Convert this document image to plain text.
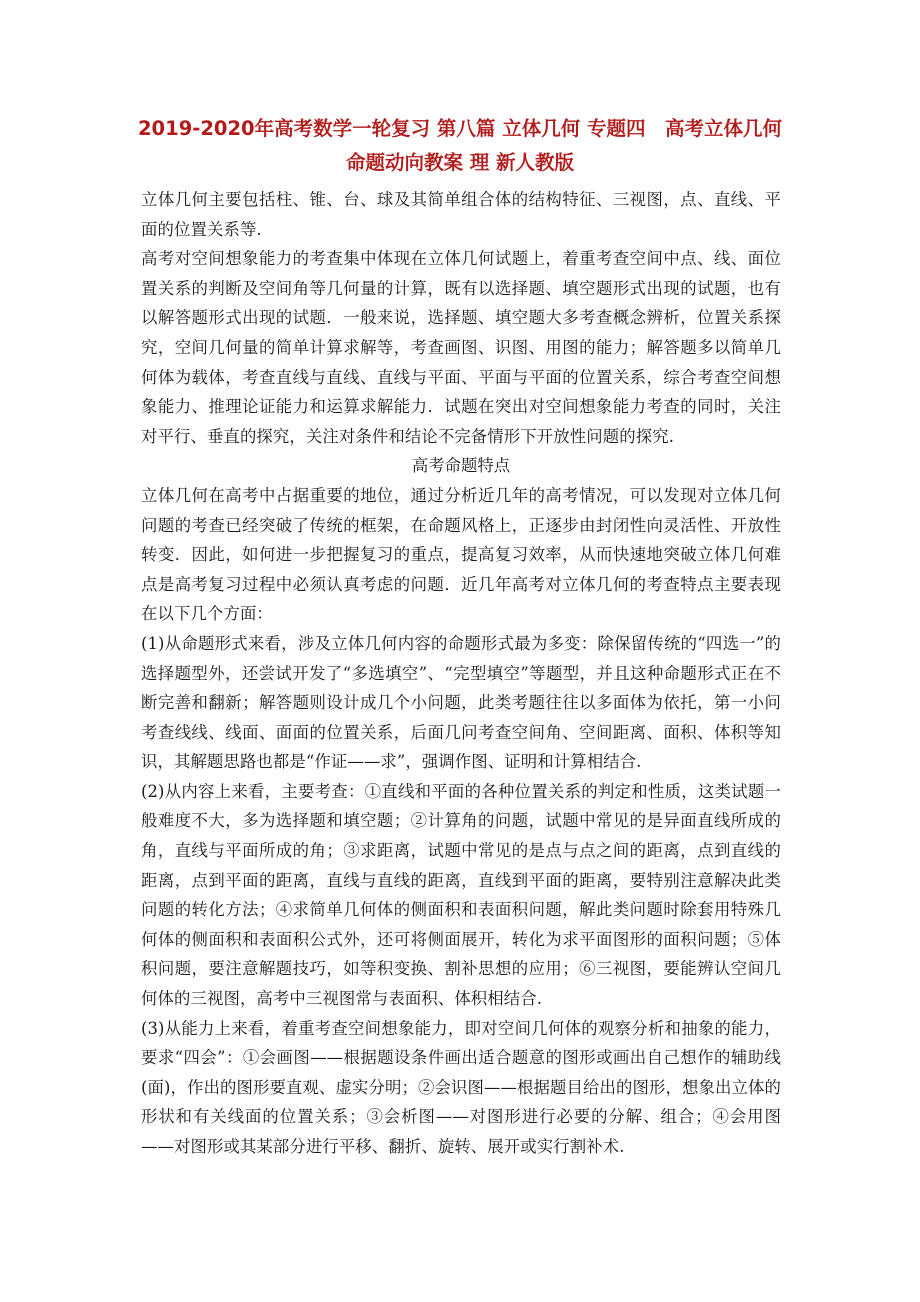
2019-2020年高考数学一轮复习 第八篇 立体几何 专题四　高考立体几何命题动向教案 理 新人教版

立体几何主要包括柱、锥、台、球及其简单组合体的结构特征、三视图，点、直线、平面的位置关系等.

高考对空间想象能力的考查集中体现在立体几何试题上，着重考查空间中点、线、面位置关系的判断及空间角等几何量的计算，既有以选择题、填空题形式出现的试题，也有以解答题形式出现的试题．一般来说，选择题、填空题大多考查概念辨析，位置关系探究，空间几何量的简单计算求解等，考查画图、识图、用图的能力；解答题多以简单几何体为载体，考查直线与直线、直线与平面、平面与平面的位置关系，综合考查空间想象能力、推理论证能力和运算求解能力．试题在突出对空间想象能力考查的同时，关注对平行、垂直的探究，关注对条件和结论不完备情形下开放性问题的探究.

高考命题特点

立体几何在高考中占据重要的地位，通过分析近几年的高考情况，可以发现对立体几何问题的考查已经突破了传统的框架，在命题风格上，正逐步由封闭性向灵活性、开放性转变．因此，如何进一步把握复习的重点，提高复习效率，从而快速地突破立体几何难点是高考复习过程中必须认真考虑的问题．近几年高考对立体几何的考查特点主要表现在以下几个方面：

(1)从命题形式来看，涉及立体几何内容的命题形式最为多变：除保留传统的“四选一”的选择题型外，还尝试开发了“多选填空”、“完型填空”等题型，并且这种命题形式正在不断完善和翻新；解答题则设计成几个小问题，此类考题往往以多面体为依托，第一小问考查线线、线面、面面的位置关系，后面几问考查空间角、空间距离、面积、体积等知识，其解题思路也都是“作证——求”，强调作图、证明和计算相结合.

(2)从内容上来看，主要考查：①直线和平面的各种位置关系的判定和性质，这类试题一般难度不大，多为选择题和填空题；②计算角的问题，试题中常见的是异面直线所成的角，直线与平面所成的角；③求距离，试题中常见的是点与点之间的距离，点到直线的距离，点到平面的距离，直线与直线的距离，直线到平面的距离，要特别注意解决此类问题的转化方法；④求简单几何体的侧面积和表面积问题，解此类问题时除套用特殊几何体的侧面积和表面积公式外，还可将侧面展开，转化为求平面图形的面积问题；⑤体积问题，要注意解题技巧，如等积变换、割补思想的应用；⑥三视图，要能辨认空间几何体的三视图，高考中三视图常与表面积、体积相结合.

(3)从能力上来看，着重考查空间想象能力，即对空间几何体的观察分析和抽象的能力，要求“四会”：①会画图——根据题设条件画出适合题意的图形或画出自己想作的辅助线(面)，作出的图形要直观、虚实分明；②会识图——根据题目给出的图形，想象出立体的形状和有关线面的位置关系；③会析图——对图形进行必要的分解、组合；④会用图——对图形或其某部分进行平移、翻折、旋转、展开或实行割补术.
